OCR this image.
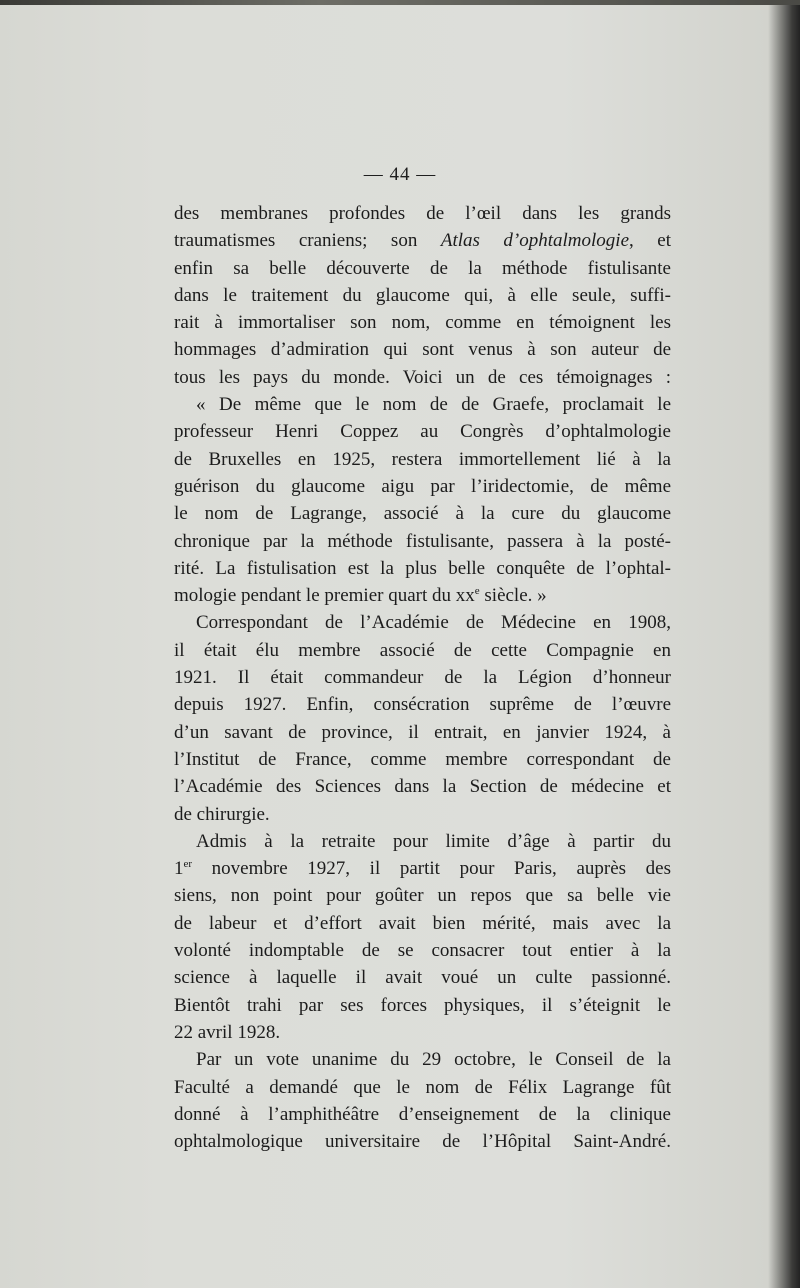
— 44 —
des membranes profondes de l’œil dans les grands
traumatismes craniens; son Atlas d’ophtalmologie, et
enfin sa belle découverte de la méthode fistulisante
dans le traitement du glaucome qui, à elle seule, suffi-
rait à immortaliser son nom, comme en témoignent les
hommages d’admiration qui sont venus à son auteur de
tous les pays du monde. Voici un de ces témoignages :
« De même que le nom de de Graefe, proclamait le
professeur Henri Coppez au Congrès d’ophtalmologie
de Bruxelles en 1925, restera immortellement lié à la
guérison du glaucome aigu par l’iridectomie, de même
le nom de Lagrange, associé à la cure du glaucome
chronique par la méthode fistulisante, passera à la posté-
rité. La fistulisation est la plus belle conquête de l’ophtal-
mologie pendant le premier quart du $xx^e$ siècle. »
Correspondant de l’Académie de Médecine en 1908,
il était élu membre associé de cette Compagnie en
1921. Il était commandeur de la Légion d’honneur
depuis 1927. Enfin, consécration suprême de l’œuvre
d’un savant de province, il entrait, en janvier 1924, à
l’Institut de France, comme membre correspondant de
l’Académie des Sciences dans la Section de médecine et
de chirurgie.
Admis à la retraite pour limite d’âge à partir du
1er novembre 1927, il partit pour Paris, auprès des
siens, non point pour goûter un repos que sa belle vie
de labeur et d’effort avait bien mérité, mais avec la
volonté indomptable de se consacrer tout entier à la
science à laquelle il avait voué un culte passionné.
Bientôt trahi par ses forces physiques, il s’éteignit le
22 avril 1928.
Par un vote unanime du 29 octobre, le Conseil de la
Faculté a demandé que le nom de Félix Lagrange fût
donné à l’amphithéâtre d’enseignement de la clinique
ophtalmologique universitaire de l’Hôpital Saint-André.
